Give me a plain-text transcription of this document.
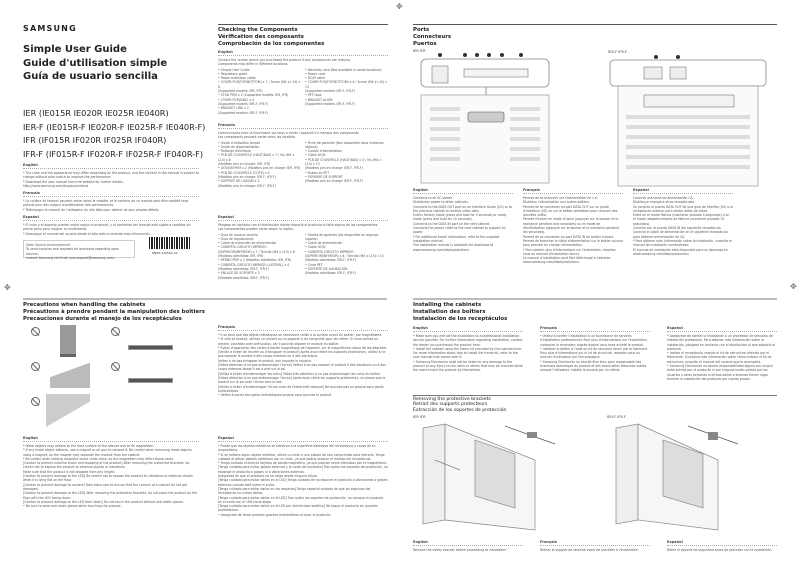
✥
✥
✥
SAMSUNG
Simple User Guide
Guide d'utilisation simple
Guía de usuario sencilla
IER (IE015R IE020R IE025R IE040R)
IER-F (IE015R-F IE020R-F IE025R-F IE040R-F)
IFR (IF015R IF020R IF025R IF040R)
IFR-F (IF015R-F IF020R-F IF025R-F IF040R-F)
English

* The color and the appearance may differ depending on the product, and the content in the manual is subject to change without prior notice to improve the performance.

* Download the user manual from the website for further details.

http://www.samsung.com/displaysolutions

Français

* La couleur et l'aspect peuvent varier selon le modèle, et le contenu de ce manuel peut être modifié sans préavis pour des raisons d'amélioration des performances.

* Téléchargez le manuel de l'utilisateur du site Web pour obtenir de plus amples détails.

Español

* El color y el aspecto pueden variar según el producto, y el contenido del manual está sujeto a cambios sin previo aviso para mejorar el rendimiento.

* Descargue el manual del usuario desde el sitio web si necesita más información.

Open Source Announcement

To send inquiries and requests for questions regarding open sources,

contact Samsung via Email (oss.request@samsung.com).

BN68-14658A-00
Checking the Components
Vérification des composants
Comprobación de los componentes
English

Contact the vendor where you purchased the product if any components are missing.

Components may differ in different locations.

• Simple User Guide

• Regulatory guide

• Power extension cable

• COVER PCB(TOP/BOTTOM) x 7 / Screw (M4 x L10) x 8

(Supported models: IER, IFR)

• STUD PEM x 2 (Supported models: IER, IFR)

• COVER PCB(SIDE) x 4

(Supported models: IER-F, IFR-F)

• BRACKET LINK x 2

(Supported models: IER-F, IFR-F)

• Warranty card (Not available in some locations)

• Power cord

• DC/N cable

• COVER PCB(TOP/BOTTOM) x 4 / Screw (M4 x L10) x 13

(Supported models: IER-F, IFR-F)

• PET tape

• BRACKET ALIGN

(Supported models: IER-F, IFR-F)

Français

Communiquez avec le fournisseur qui vous a vendu l'appareil s'il manque des composants.

Les composants peuvent varier selon les localités.

• Guide d'utilisation simple

• Guide de réglementation

• Rallonge électrique

• PCB DE COUVERCLE (HAUT/BAS) x 7 / Vis (M4 x L10) x 8

(Modèles pris en charge: IER, IFR)

• GOUJON PEM x 2 (Modèles pris en charge: IER, IFR)

• PCB DE COUVERCLE (CÔTÉ) x 4

(Modèles pris en charge: IER-F, IFR-F)

• SUPPORT DE LIAISON x 2

(Modèles pris en charge: IER-F, IFR-F)

• Fiche de garantie (Non disponible dans certaines régions)

• Cordon d'alimentation

• Câble DC/N

• PCB DE COUVERCLE (HAUT/BAS) x 4 / Vis (M4 x L10) x 13

(Modèles pris en charge: IER-F, IFR-F)

• Ruban en PET

• FERRURE DE SUPPORT

(Modèles pris en charge: IER-F, IFR-F)

Español

Póngase en contacto con el distribuidor donde adquirió el producto si falta alguno de los componentes.

Los componentes pueden variar según la región.

• Guía de usuario sencilla

• Guía de regulaciones

• Cable de extensión de alimentación

• CUBIERTA CIRCUITO IMPRESO (SUPERIOR/INFERIOR) x 7 / Tornillo (M4 x L10) x 8

(Modelos admitidos: IER, IFR)

• PERNO PEM x 2 (Modelos admitidos: IER, IFR)

• CUBIERTA CIRCUITO IMPRESO (LATERAL) x 4

(Modelos admitidos: IER-F, IFR-F)

• ENLACE DE SOPORTE x 2

(Modelos admitidos: IER-F, IFR-F)

• Tarjeta de garantía (No disponible en algunos lugares)

• Cable de alimentación

• Cable DC/N

• CUBIERTA CIRCUITO IMPRESO (SUPERIOR/INFERIOR) x 4 / Tornillo (M4 x L10) x 13

(Modelos admitidos: IER-F, IFR-F)

• Cinta PET

• SOPORTE DE ALINEACIÓN

(Modelos admitidos: IER-F, IFR-F)

Ports
Connecteurs
Puertos
IER IFR	IER-F IFR-F
English

Connects to an AC power.

Distributes power to other cabinets.

Connects to the DATA OUT port on an Interface Guide (I/G) or to the previous cabinet to receive video data.

Enters factory mode (press and hold for 5 seconds) or ready mode (press and hold for 10 seconds).

Connects to the DATA IN port on the next cabinet.

Connects the power cable to the next cabinet to support AC power.

* For additional install information, refer to the supplied installation manual.

The installation manual is available for download at www.samsung.com/displaysolutions.

Français

Permet de se brancher sur l'alimentation en c.a.

Distribue l'alimentation aux autres boîtiers.

Permet de se connecter au port DATA OUT sur un guide d'interface (I/G) ou sur le boîtier précédent pour recevoir des données vidéo.

Permet d'entrer en mode d'usine (appuyer sur le bouton et le maintenir pendant cinq secondes) ou en mode de réinitialisation (appuyer sur le bouton et le maintenir pendant dix secondes).

Permet de se connecter au port DATA IN du boîtier suivant.

Permet de brancher le câble d'alimentation sur le boîtier suivant pour prendre en charge l'alimentation.

* Pour obtenir plus d'informations sur l'installation, reportez-vous au manuel d'installation fourni.

Le manuel d'installation peut être téléchargé à l'adresse www.samsung.com/displaysolutions.

Español

Conecta una toma de alimentación CA.

Distribuye energía a otros receptáculos.

Se conecta al puerto DATA OUT de una guía de interfaz (I/G) o al receptáculo anterior para recibir datos de vídeo.

Entra en el modo fábrica (mantener pulsado 5 segundos) o en el modo restablecimiento de fábrica (mantener pulsado 10 segundos).

Conecta con el puerto DATA IN del siguiente receptáculo.

Conecta el cable de alimentación en el siguiente receptáculo para obtener alimentación de CA.

* Para obtener más información sobre la instalación, consulte el manual de instalación suministrado.

El manual de instalación está disponible para su descarga en www.samsung.com/displaysolutions.

Precautions when handling the cabinets
Précautions à prendre pendant la manipulation des boîtiers
Precauciones durante el manejo de los receptáculos
Français

* Il se peut que des objets métalliques se retrouvent collés à la surface avant du boîtier, par magnétisme.

* Si cela se produit, utilisez un aimant ou un appareil à air comprimé pour les retirer. Si vous utilisez un aimant, procédez avec précaution, car il pourrait séparer le module du boîtier.

* Évitez d'approcher des cartes à bande magnétique de l'appareil, sur le magnétisme risque de les dégrader.

[Veillez à éviter de heurter ou d'échapper le produit] Après avoir retiré les supports protecteurs, veillez à ne pas exposer le produit à des coups externes ou à des vibrations.

Veillez à ne pas échapper le produit, peu importe la hauteur.

[Faites attention à ne pas endommager l'écran] Veillez à ne pas exposer le produit à des vibrations ou à des coups externes lorsqu'il est à plat sur le sol.

[Veillez à éviter d'endommager les coins] Faites très attention à ne pas endommager les coins du boîtier.

[Faites attention à ne pas endommager l'écran] Après avoir retiré les supports protecteurs, ne placez pas le produit sur le sol avec l'écran vers le bas.

[Veillez à éviter d'endommager l'écran avec de l'électricité statique] Ne touchez pas au produit sans gants antistatiques.

• Veillez à porter des gants antistatiques lorsque vous touchez le produit.

English

* Metal objects may adhere to the front surface of the cabinet due to its magnetism.

* If any metal object adheres, use a magnet or air gun to remove it. Be careful when removing metal objects using a magnet, as the magnet may separate the module from the cabinet.

* Be careful when holding magnetic stripe cards close, as the magnetism may affect those cards.

[Caution to prevent external shock and dropping of the product] After removing the protective brackets, be careful not to expose the product to external shocks or vibrations.

Make sure that the product is not dropped from any height.

[Caution to prevent damage to the LED] Be careful not to expose the product to vibrations or external shocks when it is lying flat on the floor.

[Caution to prevent damage to corners] Take extra care to ensure that the corners of a cabinet do not get damaged.

[Caution to prevent damage to the LED] After removing the protective brackets, do not place the product on the floor with the LED facing down.

[Caution to prevent damage to the LED from static] Do not touch the product without anti-static gloves.

• Be sure to wear anti-static gloves when touching the product.

Español

* Puede que los objetos metálicos se adhieran a la superficie delantera del receptáculo a causa de su magnetismo.

* Si se adhiere algún objeto metálico, utilice un imán o una pistola de aire comprimido para retirarlo. Tenga cuidado al retirar objetos metálicos con un imán, ya que podría separar el módulo del receptáculo.

* Tenga cuidado al acercar tarjetas de banda magnética, ya que podrían verse afectadas por el magnetismo.

[Tenga cuidado para evitar golpes externos y la caída del producto] Tras quitar los soportes de protección, no exponga el producto a golpes ni a vibraciones externas.

Asegúrese de que el producto no se caiga desde ninguna altura.

[Tenga cuidado para evitar daños en el LED] Tenga cuidado de no exponer el producto a vibraciones o golpes externos cuando esté sobre el suelo.

[Tenga cuidado para evitar daños en las esquinas] Tenga especial cuidado de que las esquinas del receptáculo no sufran daños.

[Tenga cuidado para evitar daños en el LED] Tras quitar los soportes de protección, no coloque el producto en el suelo con el LED hacia abajo.

[Tenga cuidado para evitar daños en el LED por electricidad estática] No toque el producto sin guantes antiestáticos.

• Asegúrese de llevar puestos guantes antiestáticos al tocar el producto.

Installing the cabinets
Installation des boîtiers
Instalación de los receptáculos
English

• Make sure you entrust the installation to a professional installation service provider. For further information regarding installation, contact the dealer you purchased the product from.

• Install the cabinet using the frame kit provided by the manufacturer. For more information about how to install the frame kit, refer to the user manual that comes with it.

• Samsung Electronics shall not be liable for any damage to the product or any injury to the users or others that may be incurred while the users install the product by themselves.

Français

• Veillez à confier l'installation à un fournisseur de services d'installation professionnel. Pour plus d'informations sur l'installation, contactez le revendeur auprès duquel vous avez acheté le produit.

• Installez le boîtier à l'aide du kit de structure fourni par le fabricant. Pour plus d'informations sur le kit de structure, reportez-vous au manuel d'utilisateur qui l'accompagne.

• Samsung Electronics ne saurait être tenu pour responsable des éventuels dommages au produit et des éventuelles blessures subies lorsque l'utilisateur installe le produit par lui-même.

Español

• Asegúrese de confiar la instalación a un proveedor de servicios de instalación profesional. Para obtener más información sobre la instalación, póngase en contacto con el distribuidor al que adquirió el producto.

• Instale el receptáculo usando el kit de estructura ofrecido por el fabricante. Si precisa más información sobre cómo instalar el kit de estructura, consulte el manual del usuario que lo acompaña.

• Samsung Electronics no asume responsabilidad alguna por ningún daño sufrido por el producto ni por ninguna lesión sufrida por los usuarios u otras personas si dichos daños o lesiones tienen lugar durante la instalación del producto por cuenta propia.

Removing the protective brackets
Retrait des supports protecteurs
Extracción de los soportes de protección
IER IFR	IER-F IFR-F
English

Remove the safety bracket before proceeding to installation.

Français

Retirez le support de sécurité avant de procéder à l'installation.

Español

Retire el soporte de seguridad antes de proceder con la instalación.
